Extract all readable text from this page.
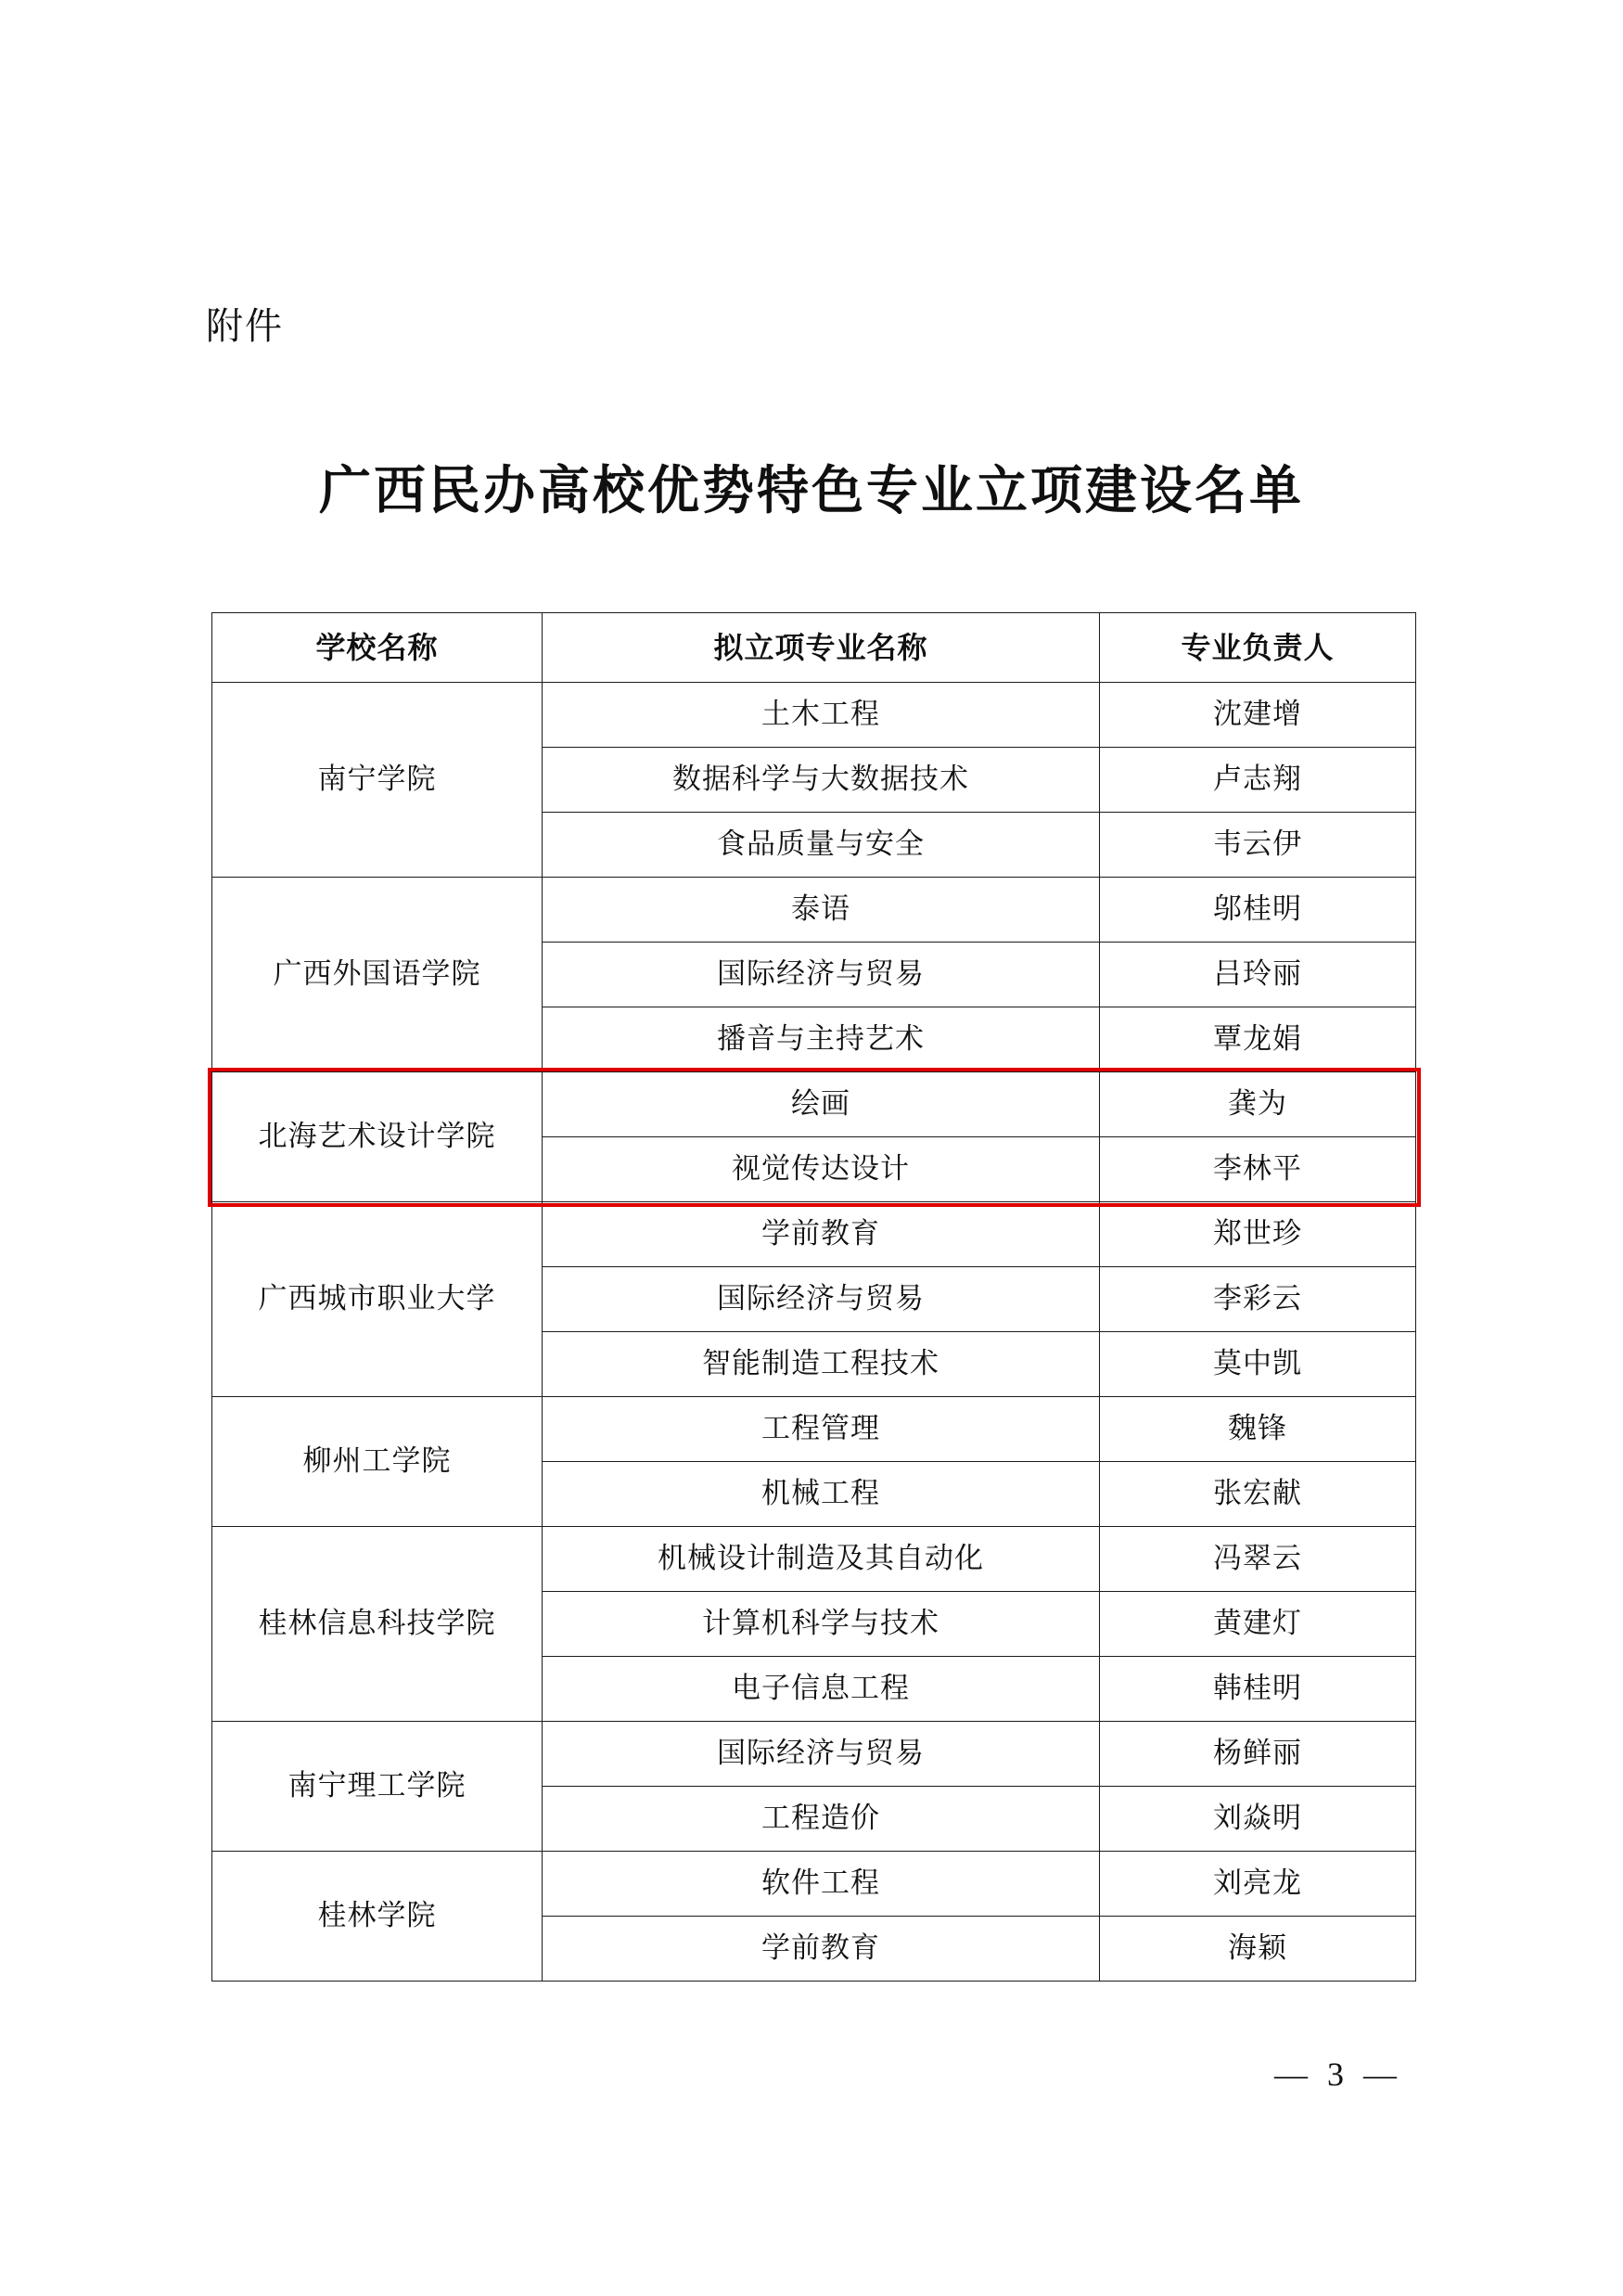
附件
广西民办高校优势特色专业立项建设名单
学校名称	拟立项专业名称	专业负责人
南宁学院	土木工程	沈建增
	数据科学与大数据技术	卢志翔
	食品质量与安全	韦云伊
广西外国语学院	泰语	邬桂明
	国际经济与贸易	吕玲丽
	播音与主持艺术	覃龙娟
北海艺术设计学院	绘画	龚为
	视觉传达设计	李林平
广西城市职业大学	学前教育	郑世珍
	国际经济与贸易	李彩云
	智能制造工程技术	莫中凯
柳州工学院	工程管理	魏锋
	机械工程	张宏献
桂林信息科技学院	机械设计制造及其自动化	冯翠云
	计算机科学与技术	黄建灯
	电子信息工程	韩桂明
南宁理工学院	国际经济与贸易	杨鲜丽
	工程造价	刘焱明
桂林学院	软件工程	刘亮龙
	学前教育	海颖
— 3 —
